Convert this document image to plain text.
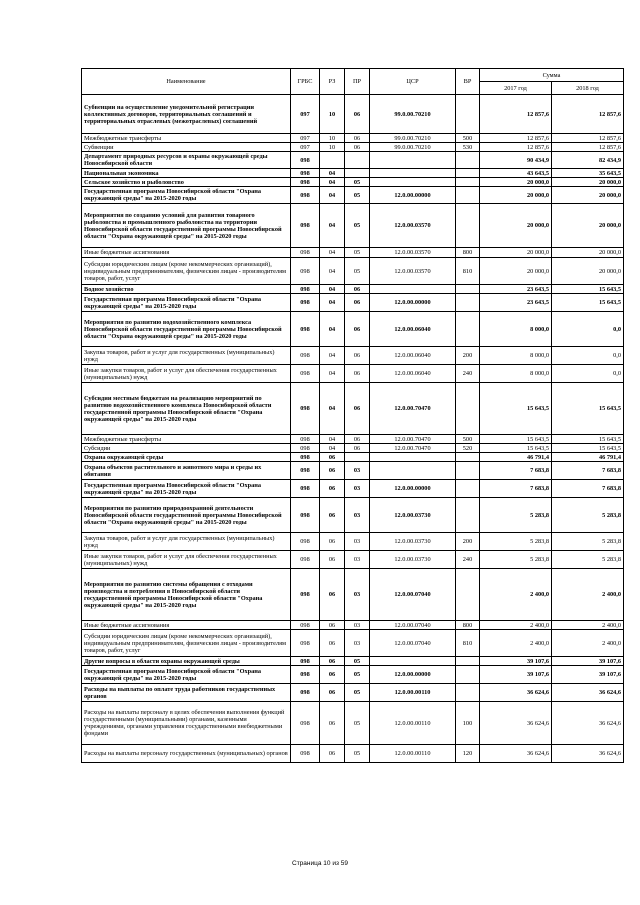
Наименование	ГРБС	РЗ	ПР	ЦСР	ВР	Сумма	
						2017 год	2018 год
Субвенции на осуществление уведомительной регистрации коллективных договоров, территориальных соглашений и территориальных отраслевых (межотраслевых) соглашений	097	10	06	99.0.00.70210		12 857,6	12 857,6
Межбюджетные трансферты	097	10	06	99.0.00.70210	500	12 857,6	12 857,6
Субвенции	097	10	06	99.0.00.70210	530	12 857,6	12 857,6
Департамент природных ресурсов и охраны окружающей среды Новосибирской области	098					90 434,9	82 434,9
Национальная экономика	098	04				43 643,5	35 643,5
Сельское хозяйство и рыболовство	098	04	05			20 000,0	20 000,0
Государственная программа Новосибирской области "Охрана окружающей среды" на 2015-2020 годы	098	04	05	12.0.00.00000		20 000,0	20 000,0
Мероприятия по созданию условий для развития товарного рыболовства и промышленного рыболовства на территории Новосибирской области государственной программы Новосибирской области "Охрана окружающей среды" на 2015-2020 годы	098	04	05	12.0.00.03570		20 000,0	20 000,0
Иные бюджетные ассигнования	098	04	05	12.0.00.03570	800	20 000,0	20 000,0
Субсидии юридическим лицам (кроме некоммерческих организаций), индивидуальным предпринимателям, физическим лицам - производителям товаров, работ, услуг	098	04	05	12.0.00.03570	810	20 000,0	20 000,0
Водное хозяйство	098	04	06			23 643,5	15 643,5
Государственная программа Новосибирской области "Охрана окружающей среды" на 2015-2020 годы	098	04	06	12.0.00.00000		23 643,5	15 643,5
Мероприятия по развитию водохозяйственного комплекса Новосибирской области государственной программы Новосибирской области "Охрана окружающей среды" на 2015-2020 годы	098	04	06	12.0.00.06040		8 000,0	0,0
Закупка товаров, работ и услуг для государственных (муниципальных) нужд	098	04	06	12.0.00.06040	200	8 000,0	0,0
Иные закупки товаров, работ и услуг для обеспечения государственных (муниципальных) нужд	098	04	06	12.0.00.06040	240	8 000,0	0,0
Субсидии местным бюджетам на реализацию мероприятий по развитию водохозяйственного комплекса Новосибирской области государственной программы Новосибирской области "Охрана окружающей среды" на 2015-2020 годы	098	04	06	12.0.00.70470		15 643,5	15 643,5
Межбюджетные трансферты	098	04	06	12.0.00.70470	500	15 643,5	15 643,5
Субсидии	098	04	06	12.0.00.70470	520	15 643,5	15 643,5
Охрана окружающей среды	098	06				46 791,4	46 791,4
Охрана объектов растительного и животного мира и среды их обитания	098	06	03			7 683,8	7 683,8
Государственная программа Новосибирской области "Охрана окружающей среды" на 2015-2020 годы	098	06	03	12.0.00.00000		7 683,8	7 683,8
Мероприятия по развитию природоохранной деятельности Новосибирской области государственной программы Новосибирской области "Охрана окружающей среды" на 2015-2020 годы	098	06	03	12.0.00.03730		5 283,8	5 283,8
Закупка товаров, работ и услуг для государственных (муниципальных) нужд	098	06	03	12.0.00.03730	200	5 283,8	5 283,8
Иные закупки товаров, работ и услуг для обеспечения государственных (муниципальных) нужд	098	06	03	12.0.00.03730	240	5 283,8	5 283,8
Мероприятия по развитию системы обращения с отходами производства и потребления в Новосибирской области государственной программы Новосибирской области "Охрана окружающей среды" на 2015-2020 годы	098	06	03	12.0.00.07040		2 400,0	2 400,0
Иные бюджетные ассигнования	098	06	03	12.0.00.07040	800	2 400,0	2 400,0
Субсидии юридическим лицам (кроме некоммерческих организаций), индивидуальным предпринимателям, физическим лицам - производителям товаров, работ, услуг	098	06	03	12.0.00.07040	810	2 400,0	2 400,0
Другие вопросы в области охраны окружающей среды	098	06	05			39 107,6	39 107,6
Государственная программа Новосибирской области "Охрана окружающей среды" на 2015-2020 годы	098	06	05	12.0.00.00000		39 107,6	39 107,6
Расходы на выплаты по оплате труда работников государственных органов	098	06	05	12.0.00.00110		36 624,6	36 624,6
Расходы на выплаты персоналу в целях обеспечения выполнения функций государственными (муниципальными) органами, казенными учреждениями, органами управления государственными внебюджетными фондами	098	06	05	12.0.00.00110	100	36 624,6	36 624,6
Расходы на выплаты персоналу государственных (муниципальных) органов	098	06	05	12.0.00.00110	120	36 624,6	36 624,6
Страница 10 из 59
